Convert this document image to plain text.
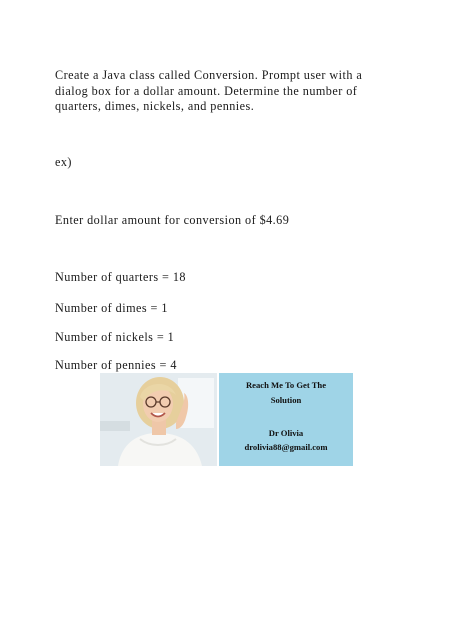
Create a Java class called Conversion. Prompt user with a dialog box for a dollar amount. Determine the number of quarters, dimes, nickels, and pennies.

ex)

Enter dollar amount for conversion of $4.69

Number of quarters = 18

Number of dimes = 1

Number of nickels = 1

Number of pennies = 4

Reach Me To Get The
Solution
Dr Olivia
drolivia88@gmail.com
